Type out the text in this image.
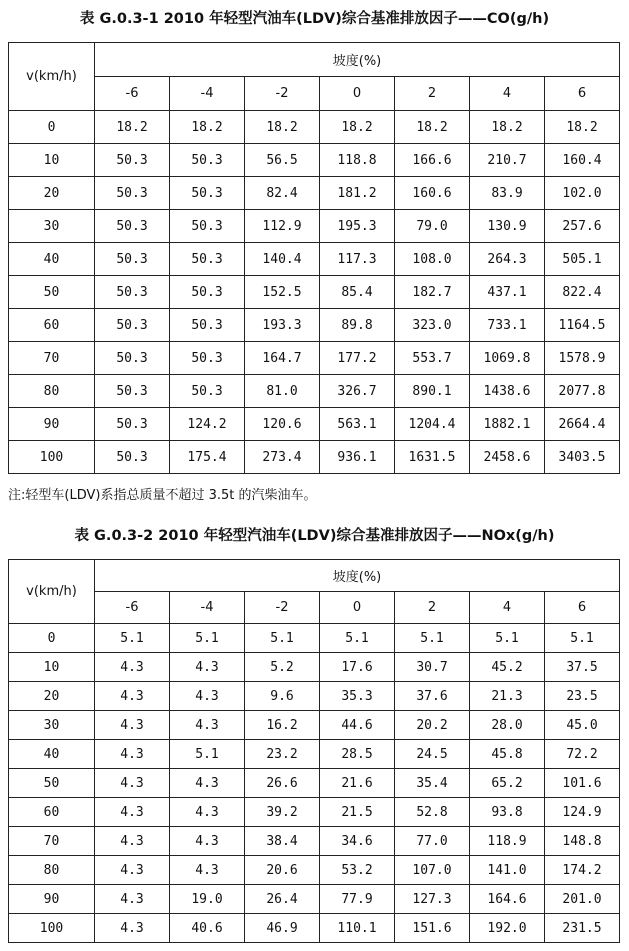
表 G.0.3-1 2010 年轻型汽油车(LDV)综合基准排放因子——CO(g/h)
v(km/h)	坡度(%)						
	-6	-4	-2	0	2	4	6
0	18.2	18.2	18.2	18.2	18.2	18.2	18.2
10	50.3	50.3	56.5	118.8	166.6	210.7	160.4
20	50.3	50.3	82.4	181.2	160.6	83.9	102.0
30	50.3	50.3	112.9	195.3	79.0	130.9	257.6
40	50.3	50.3	140.4	117.3	108.0	264.3	505.1
50	50.3	50.3	152.5	85.4	182.7	437.1	822.4
60	50.3	50.3	193.3	89.8	323.0	733.1	1164.5
70	50.3	50.3	164.7	177.2	553.7	1069.8	1578.9
80	50.3	50.3	81.0	326.7	890.1	1438.6	2077.8
90	50.3	124.2	120.6	563.1	1204.4	1882.1	2664.4
100	50.3	175.4	273.4	936.1	1631.5	2458.6	3403.5
注:轻型车(LDV)系指总质量不超过 3.5t 的汽柴油车。
表 G.0.3-2 2010 年轻型汽油车(LDV)综合基准排放因子——NOx(g/h)
v(km/h)	坡度(%)						
	-6	-4	-2	0	2	4	6
0	5.1	5.1	5.1	5.1	5.1	5.1	5.1
10	4.3	4.3	5.2	17.6	30.7	45.2	37.5
20	4.3	4.3	9.6	35.3	37.6	21.3	23.5
30	4.3	4.3	16.2	44.6	20.2	28.0	45.0
40	4.3	5.1	23.2	28.5	24.5	45.8	72.2
50	4.3	4.3	26.6	21.6	35.4	65.2	101.6
60	4.3	4.3	39.2	21.5	52.8	93.8	124.9
70	4.3	4.3	38.4	34.6	77.0	118.9	148.8
80	4.3	4.3	20.6	53.2	107.0	141.0	174.2
90	4.3	19.0	26.4	77.9	127.3	164.6	201.0
100	4.3	40.6	46.9	110.1	151.6	192.0	231.5
